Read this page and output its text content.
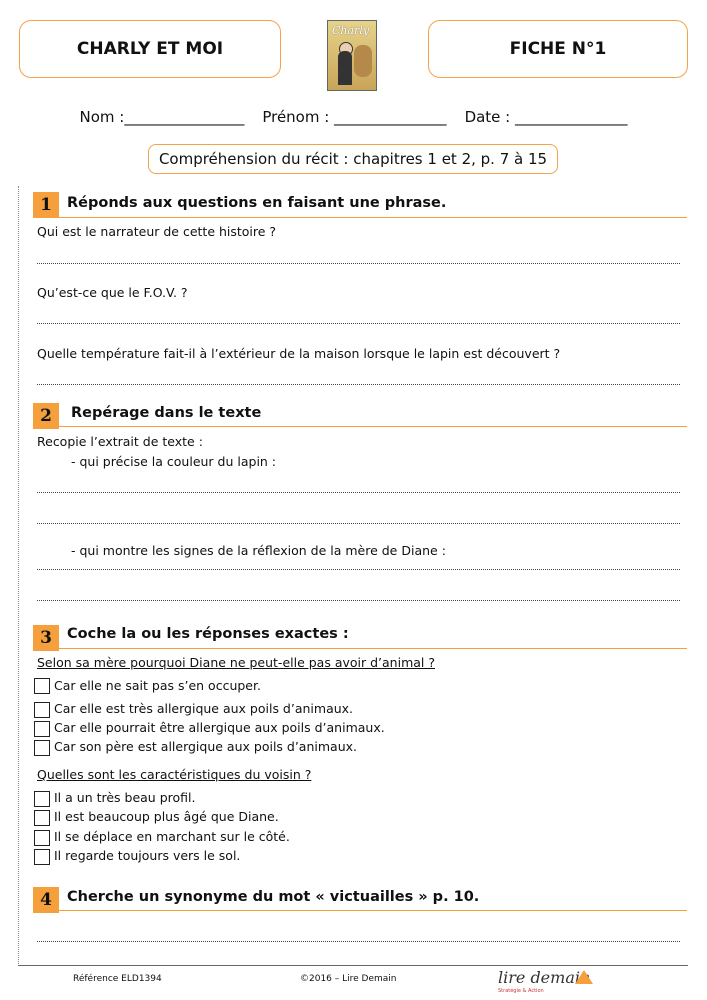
CHARLY ET MOI
Charly
FICHE N°1
Nom :________________ Prénom : _______________ Date : _______________
Compréhension du récit : chapitres 1 et 2, p. 7 à 15
1	Réponds aux questions en faisant une phrase.
Qui est le narrateur de cette histoire ?
Qu’est-ce que le F.O.V. ?
Quelle température fait-il à l’extérieur de la maison lorsque le lapin est découvert ?
2	Repérage dans le texte
Recopie l’extrait de texte :
- qui précise la couleur du lapin :
- qui montre les signes de la réflexion de la mère de Diane :
3	Coche la ou les réponses exactes :
Selon sa mère pourquoi Diane ne peut-elle pas avoir d’animal ?
Car elle ne sait pas s’en occuper.
Car elle est très allergique aux poils d’animaux.
Car elle pourrait être allergique aux poils d’animaux.
Car son père est allergique aux poils d’animaux.
Quelles sont les caractéristiques du voisin ?
Il a un très beau profil.
Il est beaucoup plus âgé que Diane.
Il se déplace en marchant sur le côté.
Il regarde toujours vers le sol.
4	Cherche un synonyme du mot « victuailles » p. 10.
Référence ELD1394	©2016 – Lire Demain	lire demain
Stratégie & Action
